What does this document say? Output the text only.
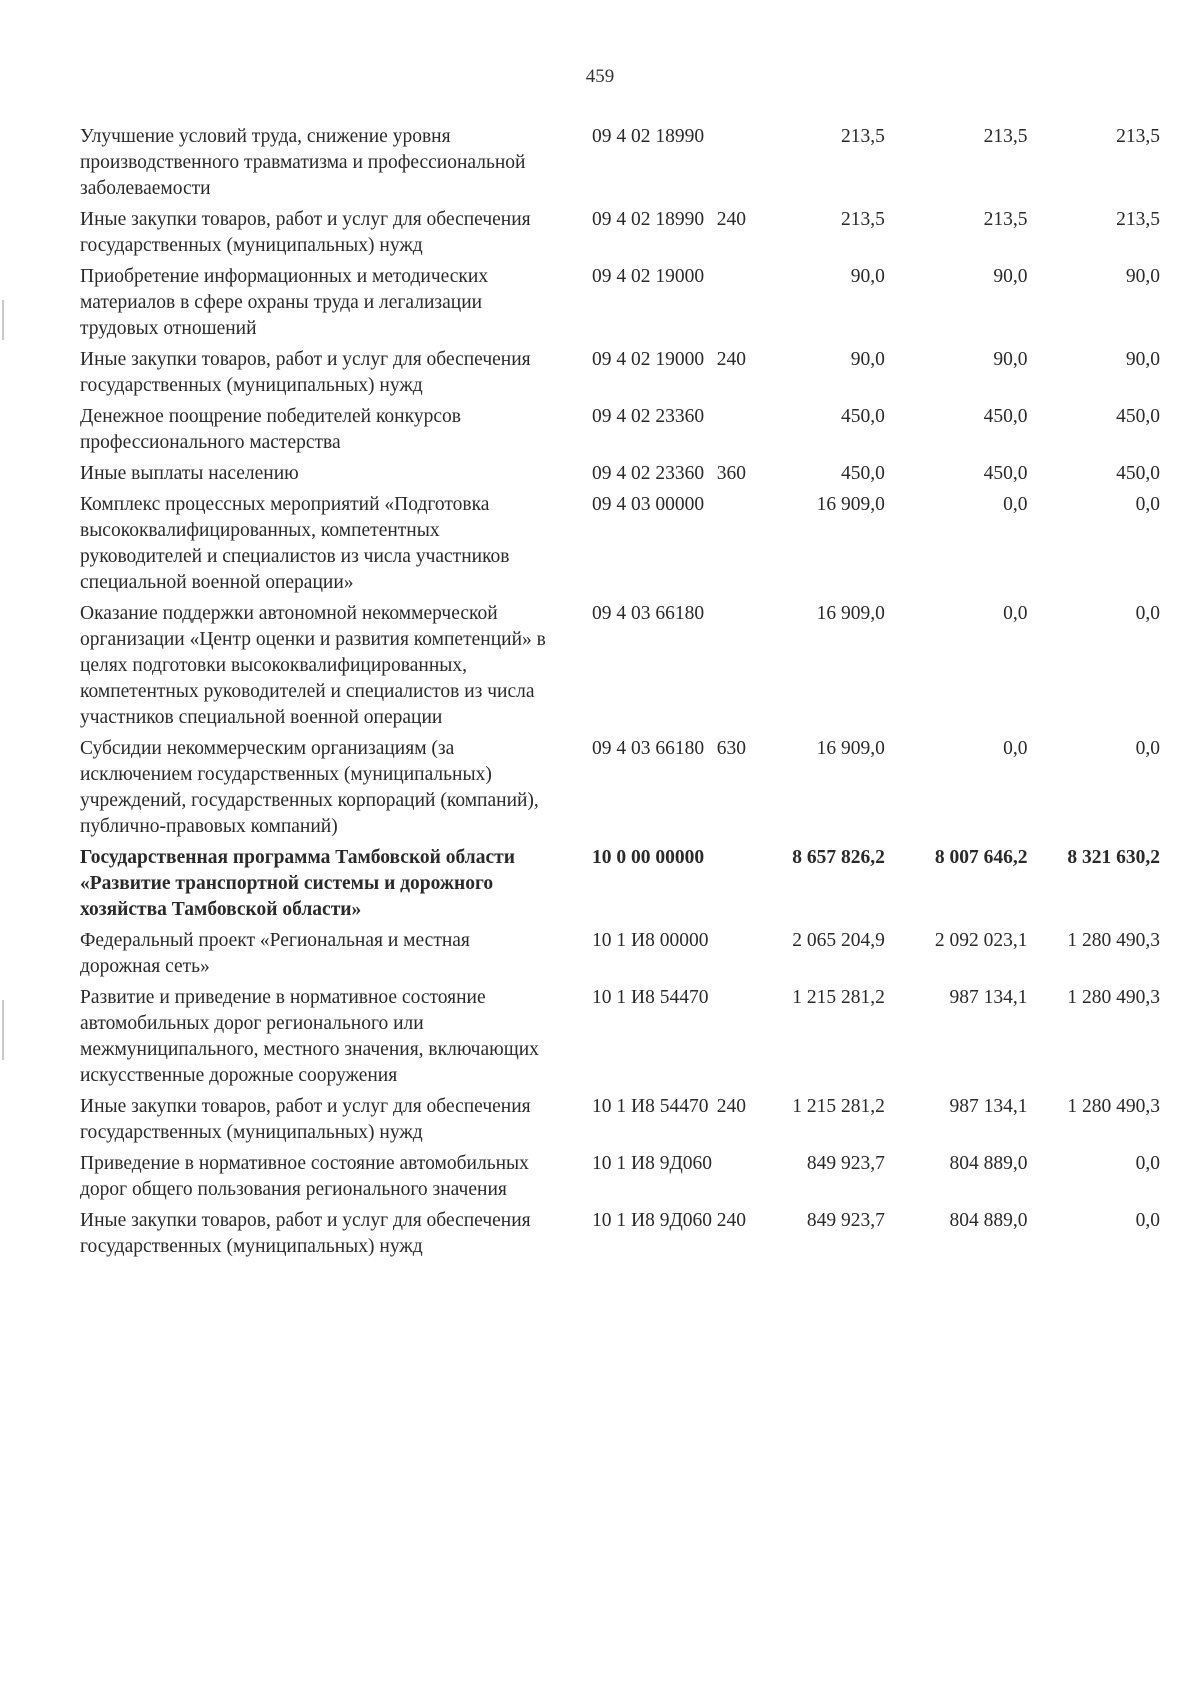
459
Улучшение условий труда, снижение уровня производственного травматизма и профессиональной заболеваемости	09 4 02 18990		213,5	213,5	213,5
Иные закупки товаров, работ и услуг для обеспечения государственных (муниципальных) нужд	09 4 02 18990	240	213,5	213,5	213,5
Приобретение информационных и методических материалов в сфере охраны труда и легализации трудовых отношений	09 4 02 19000		90,0	90,0	90,0
Иные закупки товаров, работ и услуг для обеспечения государственных (муниципальных) нужд	09 4 02 19000	240	90,0	90,0	90,0
Денежное поощрение победителей конкурсов профессионального мастерства	09 4 02 23360		450,0	450,0	450,0
Иные выплаты населению	09 4 02 23360	360	450,0	450,0	450,0
Комплекс процессных мероприятий «Подготовка высококвалифицированных, компетентных руководителей и специалистов из числа участников специальной военной операции»	09 4 03 00000		16 909,0	0,0	0,0
Оказание поддержки автономной некоммерческой организации «Центр оценки и развития компетенций» в целях подготовки высококвалифицированных, компетентных руководителей и специалистов из числа участников специальной военной операции	09 4 03 66180		16 909,0	0,0	0,0
Субсидии некоммерческим организациям (за исключением государственных (муниципальных) учреждений, государственных корпораций (компаний), публично-правовых компаний)	09 4 03 66180	630	16 909,0	0,0	0,0
Государственная программа Тамбовской области «Развитие транспортной системы и дорожного хозяйства Тамбовской области»	10 0 00 00000		8 657 826,2	8 007 646,2	8 321 630,2
Федеральный проект «Региональная и местная дорожная сеть»	10 1 И8 00000		2 065 204,9	2 092 023,1	1 280 490,3
Развитие и приведение в нормативное состояние автомобильных дорог регионального или межмуниципального, местного значения, включающих искусственные дорожные сооружения	10 1 И8 54470		1 215 281,2	987 134,1	1 280 490,3
Иные закупки товаров, работ и услуг для обеспечения государственных (муниципальных) нужд	10 1 И8 54470	240	1 215 281,2	987 134,1	1 280 490,3
Приведение в нормативное состояние автомобильных дорог общего пользования регионального значения	10 1 И8 9Д060		849 923,7	804 889,0	0,0
Иные закупки товаров, работ и услуг для обеспечения государственных (муниципальных) нужд	10 1 И8 9Д060	240	849 923,7	804 889,0	0,0
